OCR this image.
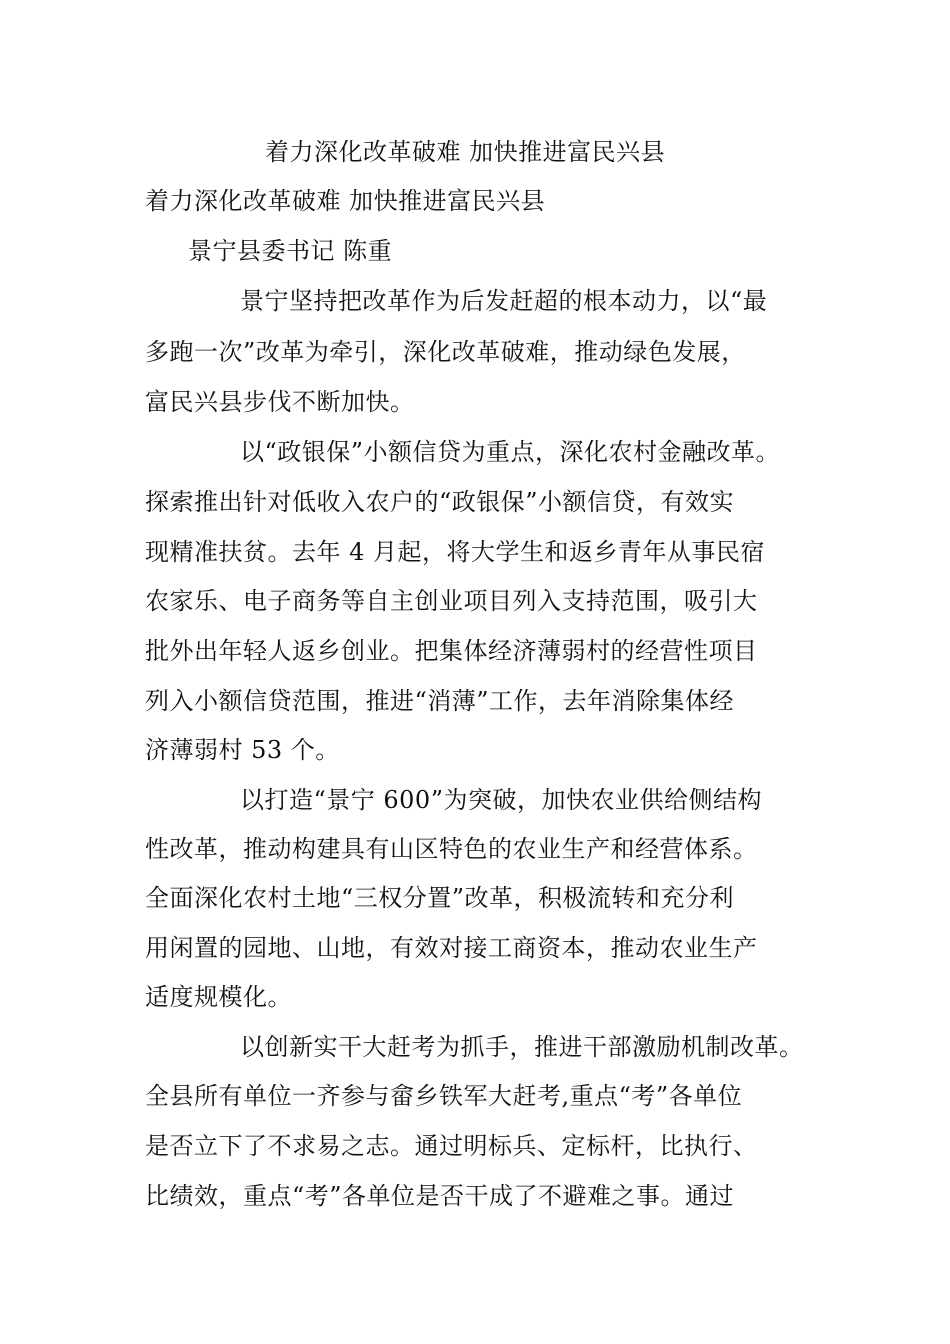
着力深化改革破难 加快推进富民兴县
着力深化改革破难 加快推进富民兴县
景宁县委书记 陈重
景宁坚持把改革作为后发赶超的根本动力，以“最
多跑一次”改革为牵引，深化改革破难，推动绿色发展，
富民兴县步伐不断加快。
以“政银保”小额信贷为重点，深化农村金融改革。
探索推出针对低收入农户的“政银保”小额信贷，有效实
现精准扶贫。去年 4 月起，将大学生和返乡青年从事民宿
农家乐、电子商务等自主创业项目列入支持范围，吸引大
批外出年轻人返乡创业。把集体经济薄弱村的经营性项目
列入小额信贷范围，推进“消薄”工作，去年消除集体经
济薄弱村 53 个。
以打造“景宁 600”为突破，加快农业供给侧结构
性改革，推动构建具有山区特色的农业生产和经营体系。
全面深化农村土地“三权分置”改革，积极流转和充分利
用闲置的园地、山地，有效对接工商资本，推动农业生产
适度规模化。
以创新实干大赶考为抓手，推进干部激励机制改革。
全县所有单位一齐参与畲乡铁军大赶考,重点“考”各单位
是否立下了不求易之志。通过明标兵、定标杆，比执行、
比绩效，重点“考”各单位是否干成了不避难之事。通过
